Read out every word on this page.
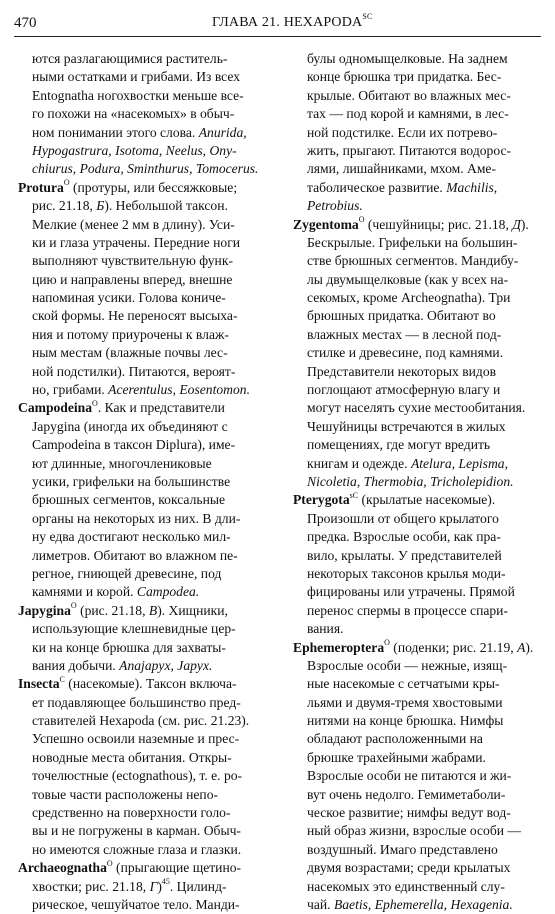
470	ГЛАВА 21. $HEXAPODA^{SC}$
ются разлагающимися раститель-
ными остатками и грибами. Из всех
Entognatha ногохвостки меньше все-
го похожи на «насекомых» в обыч-
ном понимании этого слова. Anurida,
Hypogastrura, Isotoma, Neelus, Ony-
chiurus, Podura, Sminthurus, Tomocerus.
Protura$^O$ (протуры, или бессяжковые;
рис. 21.18, Б). Небольшой таксон.
Мелкие (менее 2 мм в длину). Уси-
ки и глаза утрачены. Передние ноги
выполняют чувствительную функ-
цию и направлены вперед, внешне
напоминая усики. Голова кониче-
ской формы. Не переносят высыха-
ния и потому приурочены к влаж-
ным местам (влажные почвы лес-
ной подстилки). Питаются, вероят-
но, грибами. Acerentulus, Eosentomon.
Campodeina$^O$. Как и представители
Japygina (иногда их объединяют с
Campodeina в таксон Diplura), име-
ют длинные, многочлениковые
усики, грифельки на большинстве
брюшных сегментов, коксальные
органы на некоторых из них. В дли-
ну едва достигают несколько мил-
лиметров. Обитают во влажном пе-
регное, гниющей древесине, под
камнями и корой. Campodea.
Japygina$^O$ (рис. 21.18, В). Хищники,
использующие клешневидные цер-
ки на конце брюшка для захваты-
вания добычи. Anajapyx, Japyx.
Insecta$^C$ (насекомые). Таксон включа-
ет подавляющее большинство пред-
ставителей Hexapoda (см. рис. 21.23).
Успешно освоили наземные и прес-
новодные места обитания. Откры-
точелюстные (ectognathous), т. е. ро-
товые части расположены непо-
средственно на поверхности голо-
вы и не погружены в карман. Обыч-
но имеются сложные глаза и глазки.
Archaeognatha$^O$ (прыгающие щетино-
хвостки; рис. 21.18, Г)$^{45}$. Цилинд-
рическое, чешуйчатое тело. Манди-
булы одномыщелковые. На заднем
конце брюшка три придатка. Бес-
крылые. Обитают во влажных мес-
тах — под корой и камнями, в лес-
ной подстилке. Если их потревo-
жить, прыгают. Питаются водорос-
лями, лишайниками, мхом. Аме-
таболическое развитие. Machilis,
Petrobius.
Zygentoma$^O$ (чешуйницы; рис. 21.18, Д).
Бескрылые. Грифельки на большин-
стве брюшных сегментов. Мандибу-
лы двумыщелковые (как у всех на-
секомых, кроме Archeognatha). Три
брюшных придатка. Обитают во
влажных местах — в лесной под-
стилке и древесине, под камнями.
Представители некоторых видов
поглощают атмосферную влагу и
могут населять сухие местообитания.
Чешуйницы встречаются в жилых
помещениях, где могут вредить
книгам и одежде. Atelura, Lepisma,
Nicoletia, Thermobia, Tricholepidion.
Pterygota$^{sC}$ (крылатые насекомые).
Произошли от общего крылатого
предка. Взрослые особи, как пра-
вило, крылаты. У представителей
некоторых таксонов крылья моди-
фицированы или утрачены. Прямой
перенос спермы в процессе спари-
вания.
Ephemeroptera$^O$ (поденки; рис. 21.19, А).
Взрослые особи — нежные, изящ-
ные насекомые с сетчатыми кры-
льями и двумя-тремя хвостовыми
нитями на конце брюшка. Нимфы
обладают расположенными на
брюшке трахейными жабрами.
Взрослые особи не питаются и жи-
вут очень недолго. Гемиметабoли-
ческое развитие; нимфы ведут вод-
ный образ жизни, взрослые особи —
воздушный. Имаго представлено
двумя возрастами; среди крылатых
насекомых это единственный слу-
чай. Baetis, Ephemerella, Hexagenia.
